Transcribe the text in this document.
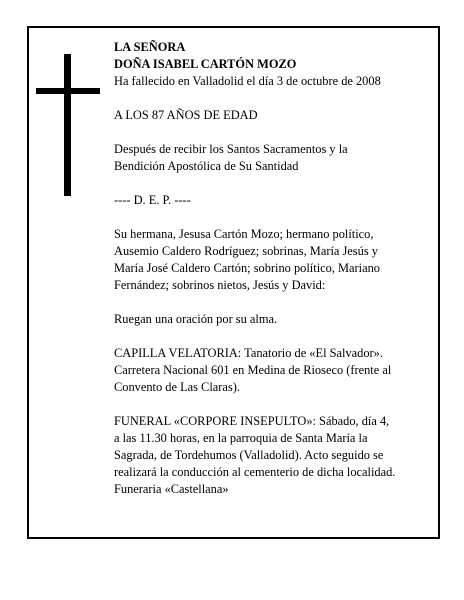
LA SEÑORA

DOÑA ISABEL CARTÓN MOZO

Ha fallecido en Valladolid el día 3 de octubre de 2008

A LOS 87 AÑOS DE EDAD

Después de recibir los Santos Sacramentos y la
Bendición Apostólica de Su Santidad

---- D. E. P. ----

Su hermana, Jesusa Cartón Mozo; hermano político,
Ausemio Caldero Rodríguez; sobrinas, María Jesús y
María José Caldero Cartón; sobrino político, Mariano
Fernández; sobrinos nietos, Jesús y David:

Ruegan una oración por su alma.

CAPILLA VELATORIA: Tanatorio de «El Salvador».
Carretera Nacional 601 en Medina de Rioseco (frente al
Convento de Las Claras).

FUNERAL «CORPORE INSEPULTO»: Sábado, día 4,
a las 11.30 horas, en la parroquia de Santa María la
Sagrada, de Tordehumos (Valladolid). Acto seguido se
realizará la conducción al cementerio de dicha localidad.
Funeraria «Castellana»
